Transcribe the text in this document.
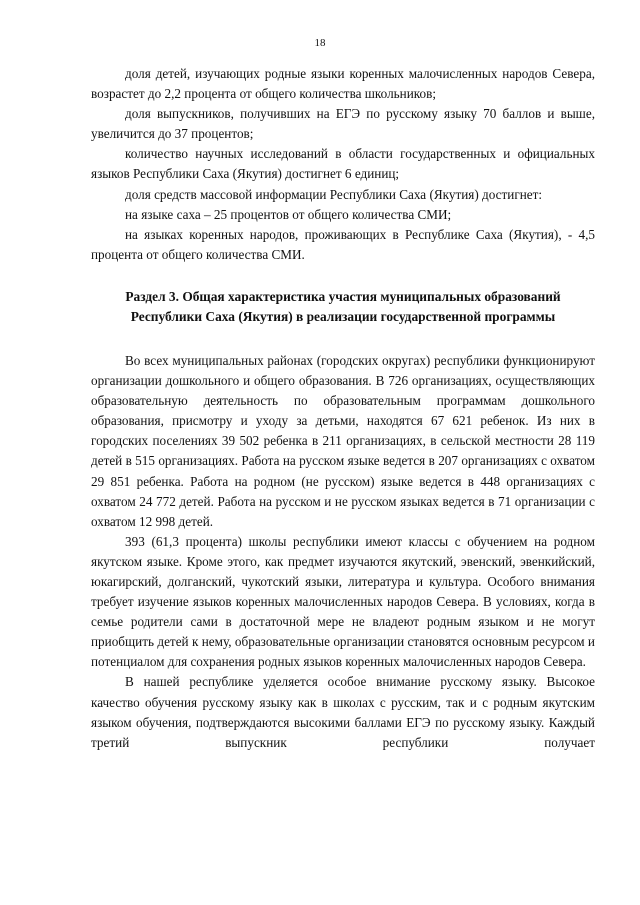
18

доля детей, изучающих родные языки коренных малочисленных народов Севера, возрастет до 2,2 процента от общего количества школьников;

доля выпускников, получивших на ЕГЭ по русскому языку 70 баллов и выше, увеличится до 37 процентов;

количество научных исследований в области государственных и официальных языков Республики Саха (Якутия) достигнет 6 единиц;

доля средств массовой информации Республики Саха (Якутия) достигнет:

на языке саха – 25 процентов от общего количества СМИ;

на языках коренных народов, проживающих в Республике Саха (Якутия), - 4,5 процента от общего количества СМИ.

Раздел 3. Общая характеристика участия муниципальных образований
Республики Саха (Якутия) в реализации государственной программы

Во всех муниципальных районах (городских округах) республики функционируют организации дошкольного и общего образования. В 726 организациях, осуществляющих образовательную деятельность по образовательным программам дошкольного образования, присмотру и уходу за детьми, находятся 67 621 ребенок. Из них в городских поселениях 39 502 ребенка в 211 организациях, в сельской местности 28 119 детей в 515 организациях. Работа на русском языке ведется в 207 организациях с охватом 29 851 ребенка. Работа на родном (не русском) языке ведется в 448 организациях с охватом 24 772 детей. Работа на русском и не русском языках ведется в 71 организации с охватом 12 998 детей.

393 (61,3 процента) школы республики имеют классы с обучением на родном якутском языке. Кроме этого, как предмет изучаются якутский, эвенский, эвенкийский, юкагирский, долганский, чукотский языки, литература и культура. Особого внимания требует изучение языков коренных малочисленных народов Севера. В условиях, когда в семье родители сами в достаточной мере не владеют родным языком и не могут приобщить детей к нему, образовательные организации становятся основным ресурсом и потенциалом для сохранения родных языков коренных малочисленных народов Севера.

В нашей республике уделяется особое внимание русскому языку. Высокое качество обучения русскому языку как в школах с русским, так и с родным якутским языком обучения, подтверждаются высокими баллами ЕГЭ по русскому языку. Каждый третий выпускник республики получает
